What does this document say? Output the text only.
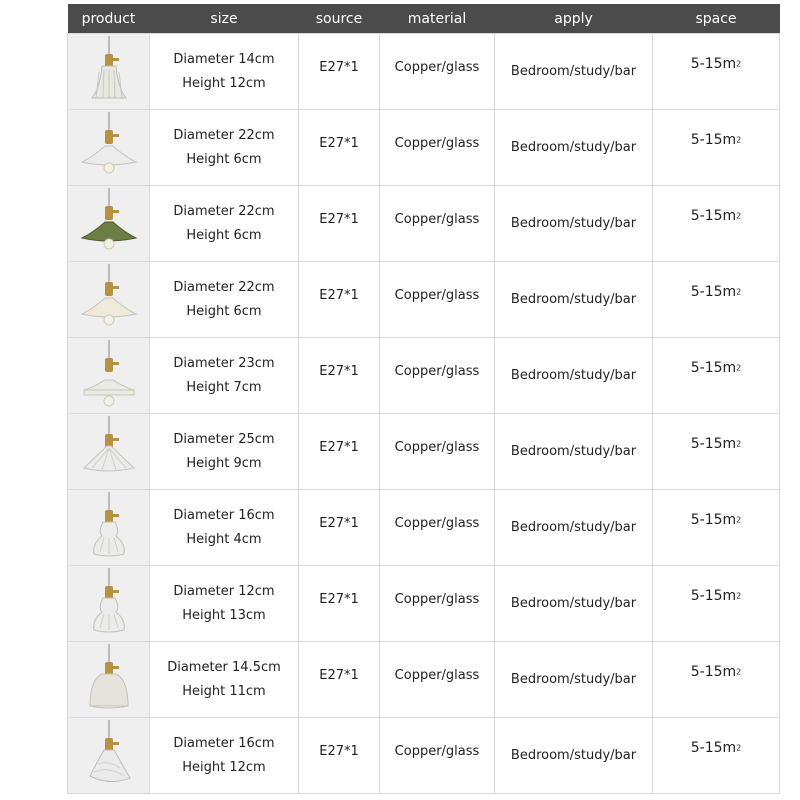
product	size	source	material	apply	space

Diameter 14cm
Height 12cm	E27*1	Copper/glass	Bedroom/study/bar	$5-15m^2$

Diameter 22cm
Height 6cm	E27*1	Copper/glass	Bedroom/study/bar	$5-15m^2$

Diameter 22cm
Height 6cm	E27*1	Copper/glass	Bedroom/study/bar	$5-15m^2$

Diameter 22cm
Height 6cm	E27*1	Copper/glass	Bedroom/study/bar	$5-15m^2$

Diameter 23cm
Height 7cm	E27*1	Copper/glass	Bedroom/study/bar	$5-15m^2$

Diameter 25cm
Height 9cm	E27*1	Copper/glass	Bedroom/study/bar	$5-15m^2$

Diameter 16cm
Height 4cm	E27*1	Copper/glass	Bedroom/study/bar	$5-15m^2$

Diameter 12cm
Height 13cm	E27*1	Copper/glass	Bedroom/study/bar	$5-15m^2$

Diameter 14.5cm
Height 11cm	E27*1	Copper/glass	Bedroom/study/bar	$5-15m^2$

Diameter 16cm
Height 12cm	E27*1	Copper/glass	Bedroom/study/bar	$5-15m^2$
